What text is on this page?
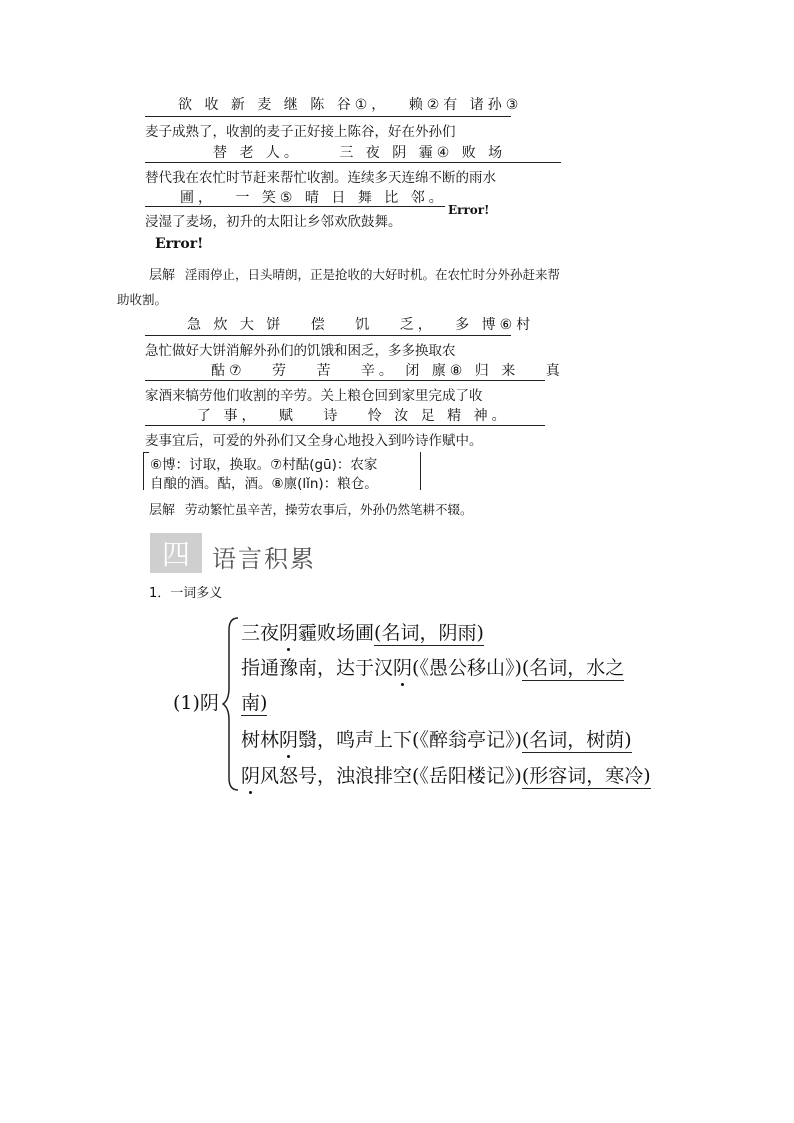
欲 收 新 麦 继 陈 谷①，　 赖②有 诸孙③
麦子成熟了，收割的麦子正好接上陈谷，好在外孙们
替 老 人。　　 三 夜 阴 霾④ 败 场
替代我在农忙时节赶来帮忙收割。连续多天连绵不断的雨水
圃，　 一 笑⑤ 晴 日 舞 比 邻。
浸湿了麦场，初升的太阳让乡邻欢欣鼓舞。
Error!
Error!
层解 淫雨停止，日头晴朗，正是抢收的大好时机。在农忙时分外孙赶来帮
助收割。
急 炊 大 饼　 偿　 饥　 乏，　 多 博⑥村
急忙做好大饼消解外孙们的饥饿和困乏，多多换取农
酤⑦　 劳　 苦　 辛。 闭 廪⑧ 归 来　 真
家酒来犒劳他们收割的辛劳。关上粮仓回到家里完成了收
了 事，　 赋　 诗　 怜 汝 足 精 神。
麦事宜后，可爱的外孙们又全身心地投入到吟诗作赋中。
⑥博：讨取，换取。⑦村酤(gū)：农家
自酿的酒。酤，酒。⑧廪(lǐn)：粮仓。
层解 劳动繁忙虽辛苦，操劳农事后，外孙仍然笔耕不辍。
四 语言积累
1．一词多义
(1)阴
三夜阴霾败场圃(名词，阴雨)
指通豫南，达于汉阴(《愚公移山》)(名词，水之
南)
树林阴翳，鸣声上下(《醉翁亭记》)(名词，树荫)
阴风怒号，浊浪排空(《岳阳楼记》)(形容词，寒冷)
